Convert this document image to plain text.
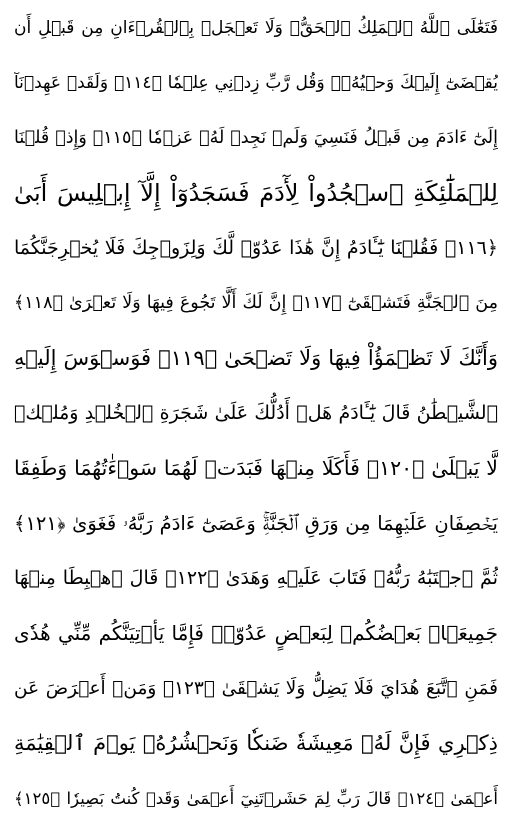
فَتَعَٰلَى ٱللَّهُ ٱلۡمَلِكُ ٱلۡحَقُّۗ وَلَا تَعۡجَلۡ بِٱلۡقُرۡءَانِ مِن قَبۡلِ أَن
يُقۡضَىٰٓ إِلَيۡكَ وَحۡيُهُۥۖ وَقُل رَّبِّ زِدۡنِي عِلۡمٗا ﴿١١٤﴾ وَلَقَدۡ عَهِدۡنَآ
إِلَىٰٓ ءَادَمَ مِن قَبۡلُ فَنَسِيَ وَلَمۡ نَجِدۡ لَهُۥ عَزۡمٗا ﴿١١٥﴾ وَإِذۡ قُلۡنَا
لِلۡمَلَٰٓئِكَةِ ٱسۡجُدُواْ لِأٓدَمَ فَسَجَدُوٓاْ إِلَّآ إِبۡلِيسَ أَبَىٰ
﴿١١٦﴾ فَقُلۡنَا يَٰٓـَٔادَمُ إِنَّ هَٰذَا عَدُوّٞ لَّكَ وَلِزَوۡجِكَ فَلَا يُخۡرِجَنَّكُمَا
مِنَ ٱلۡجَنَّةِ فَتَشۡقَىٰٓ ﴿١١٧﴾ إِنَّ لَكَ أَلَّا تَجُوعَ فِيهَا وَلَا تَعۡرَىٰ ﴿١١٨﴾
وَأَنَّكَ لَا تَظۡمَؤُاْ فِيهَا وَلَا تَضۡحَىٰ ﴿١١٩﴾ فَوَسۡوَسَ إِلَيۡهِ
ٱلشَّيۡطَٰنُ قَالَ يَٰٓـَٔادَمُ هَلۡ أَدُلُّكَ عَلَىٰ شَجَرَةِ ٱلۡخُلۡدِ وَمُلۡكٖ
لَّا يَبۡلَىٰ ﴿١٢٠﴾ فَأَكَلَا مِنۡهَا فَبَدَتۡ لَهُمَا سَوۡءَٰتُهُمَا وَطَفِقَا
يَخۡصِفَانِ عَلَيۡهِمَا مِن وَرَقِ ٱلۡجَنَّةِۚ وَعَصَىٰٓ ءَادَمُ رَبَّهُۥ فَغَوَىٰ ﴿١٢١﴾
ثُمَّ ٱجۡتَبَٰهُ رَبُّهُۥ فَتَابَ عَلَيۡهِ وَهَدَىٰ ﴿١٢٢﴾ قَالَ ٱهۡبِطَا مِنۡهَا
جَمِيعَۢاۖ بَعۡضُكُمۡ لِبَعۡضٍ عَدُوّٞۖ فَإِمَّا يَأۡتِيَنَّكُم مِّنِّي هُدٗى
فَمَنِ ٱتَّبَعَ هُدَايَ فَلَا يَضِلُّ وَلَا يَشۡقَىٰ ﴿١٢٣﴾ وَمَنۡ أَعۡرَضَ عَن
ذِكۡرِي فَإِنَّ لَهُۥ مَعِيشَةٗ ضَنكٗا وَنَحۡشُرُهُۥ يَوۡمَ ٱلۡقِيَٰمَةِ
أَعۡمَىٰ ﴿١٢٤﴾ قَالَ رَبِّ لِمَ حَشَرۡتَنِيٓ أَعۡمَىٰ وَقَدۡ كُنتُ بَصِيرٗا ﴿١٢٥﴾
